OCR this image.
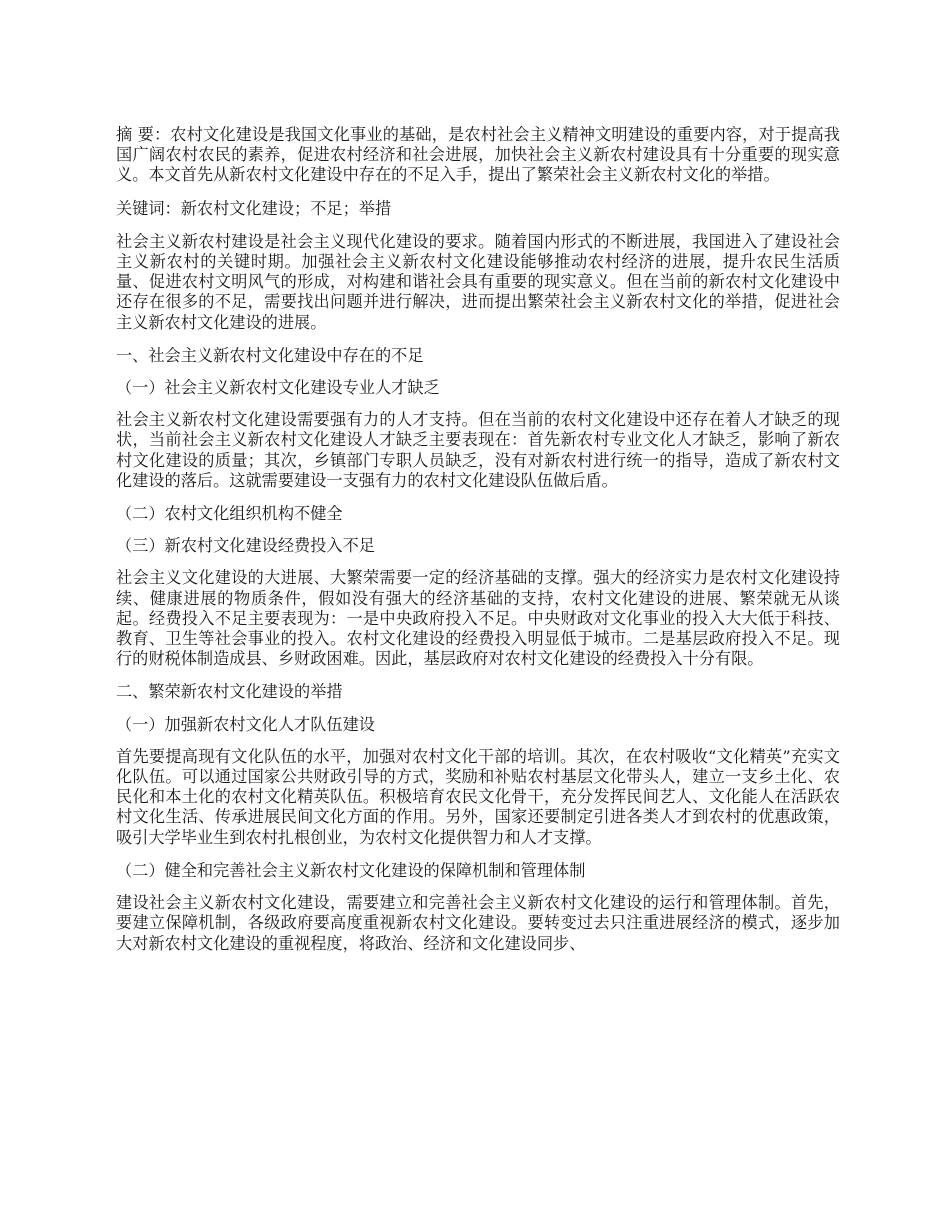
摘 要：农村文化建设是我国文化事业的基础，是农村社会主义精神文明建设的重要内容，对于提高我国广阔农村农民的素养，促进农村经济和社会进展，加快社会主义新农村建设具有十分重要的现实意义。本文首先从新农村文化建设中存在的不足入手，提出了繁荣社会主义新农村文化的举措。

关键词：新农村文化建设；不足；举措

社会主义新农村建设是社会主义现代化建设的要求。随着国内形式的不断进展，我国进入了建设社会主义新农村的关键时期。加强社会主义新农村文化建设能够推动农村经济的进展，提升农民生活质量、促进农村文明风气的形成，对构建和谐社会具有重要的现实意义。但在当前的新农村文化建设中还存在很多的不足，需要找出问题并进行解决，进而提出繁荣社会主义新农村文化的举措，促进社会主义新农村文化建设的进展。

一、社会主义新农村文化建设中存在的不足

（一）社会主义新农村文化建设专业人才缺乏

社会主义新农村文化建设需要强有力的人才支持。但在当前的农村文化建设中还存在着人才缺乏的现状，当前社会主义新农村文化建设人才缺乏主要表现在：首先新农村专业文化人才缺乏，影响了新农村文化建设的质量；其次，乡镇部门专职人员缺乏，没有对新农村进行统一的指导，造成了新农村文化建设的落后。这就需要建设一支强有力的农村文化建设队伍做后盾。

（二）农村文化组织机构不健全

（三）新农村文化建设经费投入不足

社会主义文化建设的大进展、大繁荣需要一定的经济基础的支撑。强大的经济实力是农村文化建设持续、健康进展的物质条件，假如没有强大的经济基础的支持，农村文化建设的进展、繁荣就无从谈起。经费投入不足主要表现为：一是中央政府投入不足。中央财政对文化事业的投入大大低于科技、教育、卫生等社会事业的投入。农村文化建设的经费投入明显低于城市。二是基层政府投入不足。现行的财税体制造成县、乡财政困难。因此，基层政府对农村文化建设的经费投入十分有限。

二、繁荣新农村文化建设的举措

（一）加强新农村文化人才队伍建设

首先要提高现有文化队伍的水平，加强对农村文化干部的培训。其次，在农村吸收“文化精英”充实文化队伍。可以通过国家公共财政引导的方式，奖励和补贴农村基层文化带头人，建立一支乡土化、农民化和本土化的农村文化精英队伍。积极培育农民文化骨干，充分发挥民间艺人、文化能人在活跃农村文化生活、传承进展民间文化方面的作用。另外，国家还要制定引进各类人才到农村的优惠政策，吸引大学毕业生到农村扎根创业，为农村文化提供智力和人才支撑。

（二）健全和完善社会主义新农村文化建设的保障机制和管理体制

建设社会主义新农村文化建设，需要建立和完善社会主义新农村文化建设的运行和管理体制。首先，要建立保障机制，各级政府要高度重视新农村文化建设。要转变过去只注重进展经济的模式，逐步加大对新农村文化建设的重视程度，将政治、经济和文化建设同步、
